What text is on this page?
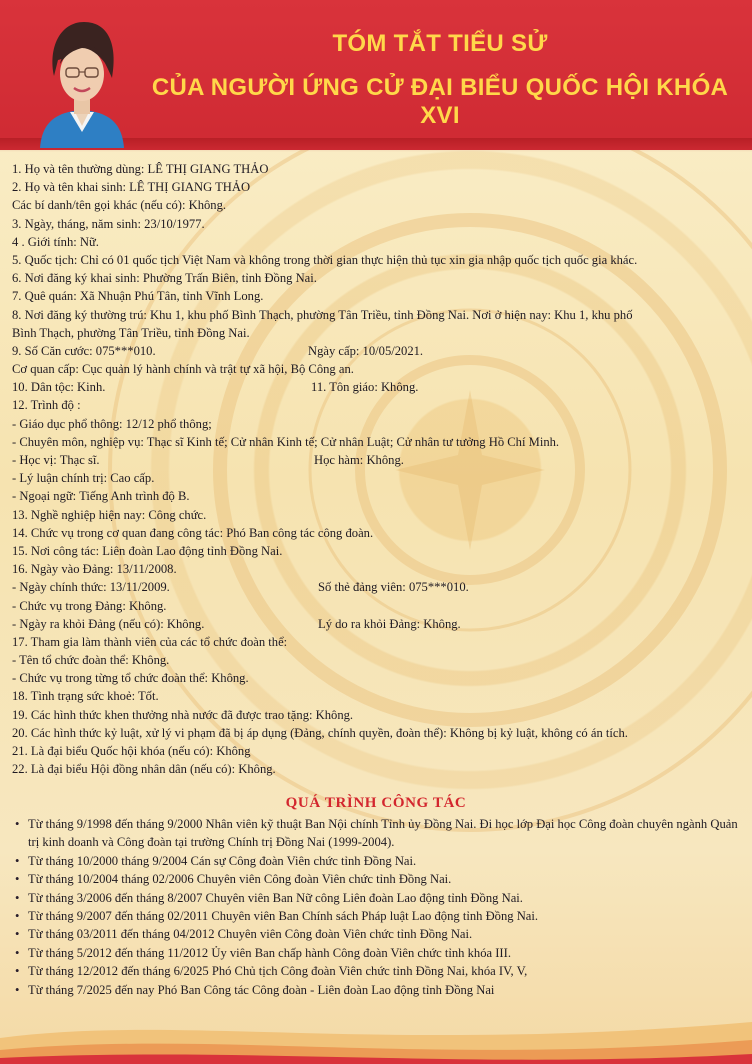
TÓM TẮT TIỂU SỬ
CỦA NGƯỜI ỨNG CỬ ĐẠI BIỂU QUỐC HỘI KHÓA XVI
1. Họ và tên thường dùng: LÊ THỊ GIANG THẢO
2. Họ và tên khai sinh: LÊ THỊ GIANG THẢO
Các bí danh/tên gọi khác (nếu có): Không.
3. Ngày, tháng, năm sinh: 23/10/1977.
4 . Giới tính: Nữ.
5. Quốc tịch: Chỉ có 01 quốc tịch Việt Nam và không trong thời gian thực hiện thủ tục xin gia nhập quốc tịch quốc gia khác.
6. Nơi đăng ký khai sinh: Phường Trấn Biên, tỉnh Đồng Nai.
7. Quê quán: Xã Nhuận Phú Tân, tỉnh Vĩnh Long.
8. Nơi đăng ký thường trú: Khu 1, khu phố Bình Thạch, phường Tân Triều, tỉnh Đồng Nai. Nơi ở hiện nay: Khu 1, khu phố
Bình Thạch, phường Tân Triều, tỉnh Đồng Nai.
9. Số Căn cước: 075***010.	Ngày cấp: 10/05/2021.
Cơ quan cấp: Cục quản lý hành chính và trật tự xã hội, Bộ Công an.
10. Dân tộc: Kinh.	11. Tôn giáo: Không.
12. Trình độ :
- Giáo dục phổ thông: 12/12 phổ thông;
- Chuyên môn, nghiệp vụ: Thạc sĩ Kinh tế; Cử nhân Kinh tế; Cử nhân Luật; Cử nhân tư tưởng Hồ Chí Minh.
- Học vị: Thạc sĩ.	Học hàm: Không.
- Lý luận chính trị: Cao cấp.
- Ngoại ngữ: Tiếng Anh trình độ B.
13. Nghề nghiệp hiện nay: Công chức.
14. Chức vụ trong cơ quan đang công tác: Phó Ban công tác công đoàn.
15. Nơi công tác: Liên đoàn Lao động tỉnh Đồng Nai.
16. Ngày vào Đảng: 13/11/2008.
- Ngày chính thức: 13/11/2009.	Số thẻ đảng viên: 075***010.
- Chức vụ trong Đảng: Không.
- Ngày ra khỏi Đảng (nếu có): Không.	Lý do ra khỏi Đảng: Không.
17. Tham gia làm thành viên của các tổ chức đoàn thể:
- Tên tổ chức đoàn thể: Không.
- Chức vụ trong từng tổ chức đoàn thể: Không.
18. Tình trạng sức khoẻ: Tốt.
19. Các hình thức khen thưởng nhà nước đã được trao tặng: Không.
20. Các hình thức kỷ luật, xử lý vi phạm đã bị áp dụng (Đảng, chính quyền, đoàn thể): Không bị kỷ luật, không có án tích.
21. Là đại biểu Quốc hội khóa (nếu có): Không
22. Là đại biểu Hội đồng nhân dân (nếu có): Không.
QUÁ TRÌNH CÔNG TÁC
• Từ tháng 9/1998 đến tháng 9/2000 Nhân viên kỹ thuật Ban Nội chính Tỉnh ủy Đồng Nai. Đi học lớp Đại học Công đoàn chuyên ngành Quản trị kinh doanh và Công đoàn tại trường Chính trị Đồng Nai (1999-2004).
• Từ tháng 10/2000 tháng 9/2004 Cán sự Công đoàn Viên chức tỉnh Đồng Nai.
• Từ tháng 10/2004 tháng 02/2006 Chuyên viên Công đoàn Viên chức tỉnh Đồng Nai.
• Từ tháng 3/2006 đến tháng 8/2007 Chuyên viên Ban Nữ công Liên đoàn Lao động tỉnh Đồng Nai.
• Từ tháng 9/2007 đến tháng 02/2011 Chuyên viên Ban Chính sách Pháp luật Lao động tỉnh Đồng Nai.
• Từ tháng 03/2011 đến tháng 04/2012 Chuyên viên Công đoàn Viên chức tỉnh Đồng Nai.
• Từ tháng 5/2012 đến tháng 11/2012 Ủy viên Ban chấp hành Công đoàn Viên chức tỉnh khóa III.
• Từ tháng 12/2012 đến tháng 6/2025 Phó Chủ tịch Công đoàn Viên chức tỉnh Đồng Nai, khóa IV, V,
• Từ tháng 7/2025 đến nay Phó Ban Công tác Công đoàn - Liên đoàn Lao động tỉnh Đồng Nai
